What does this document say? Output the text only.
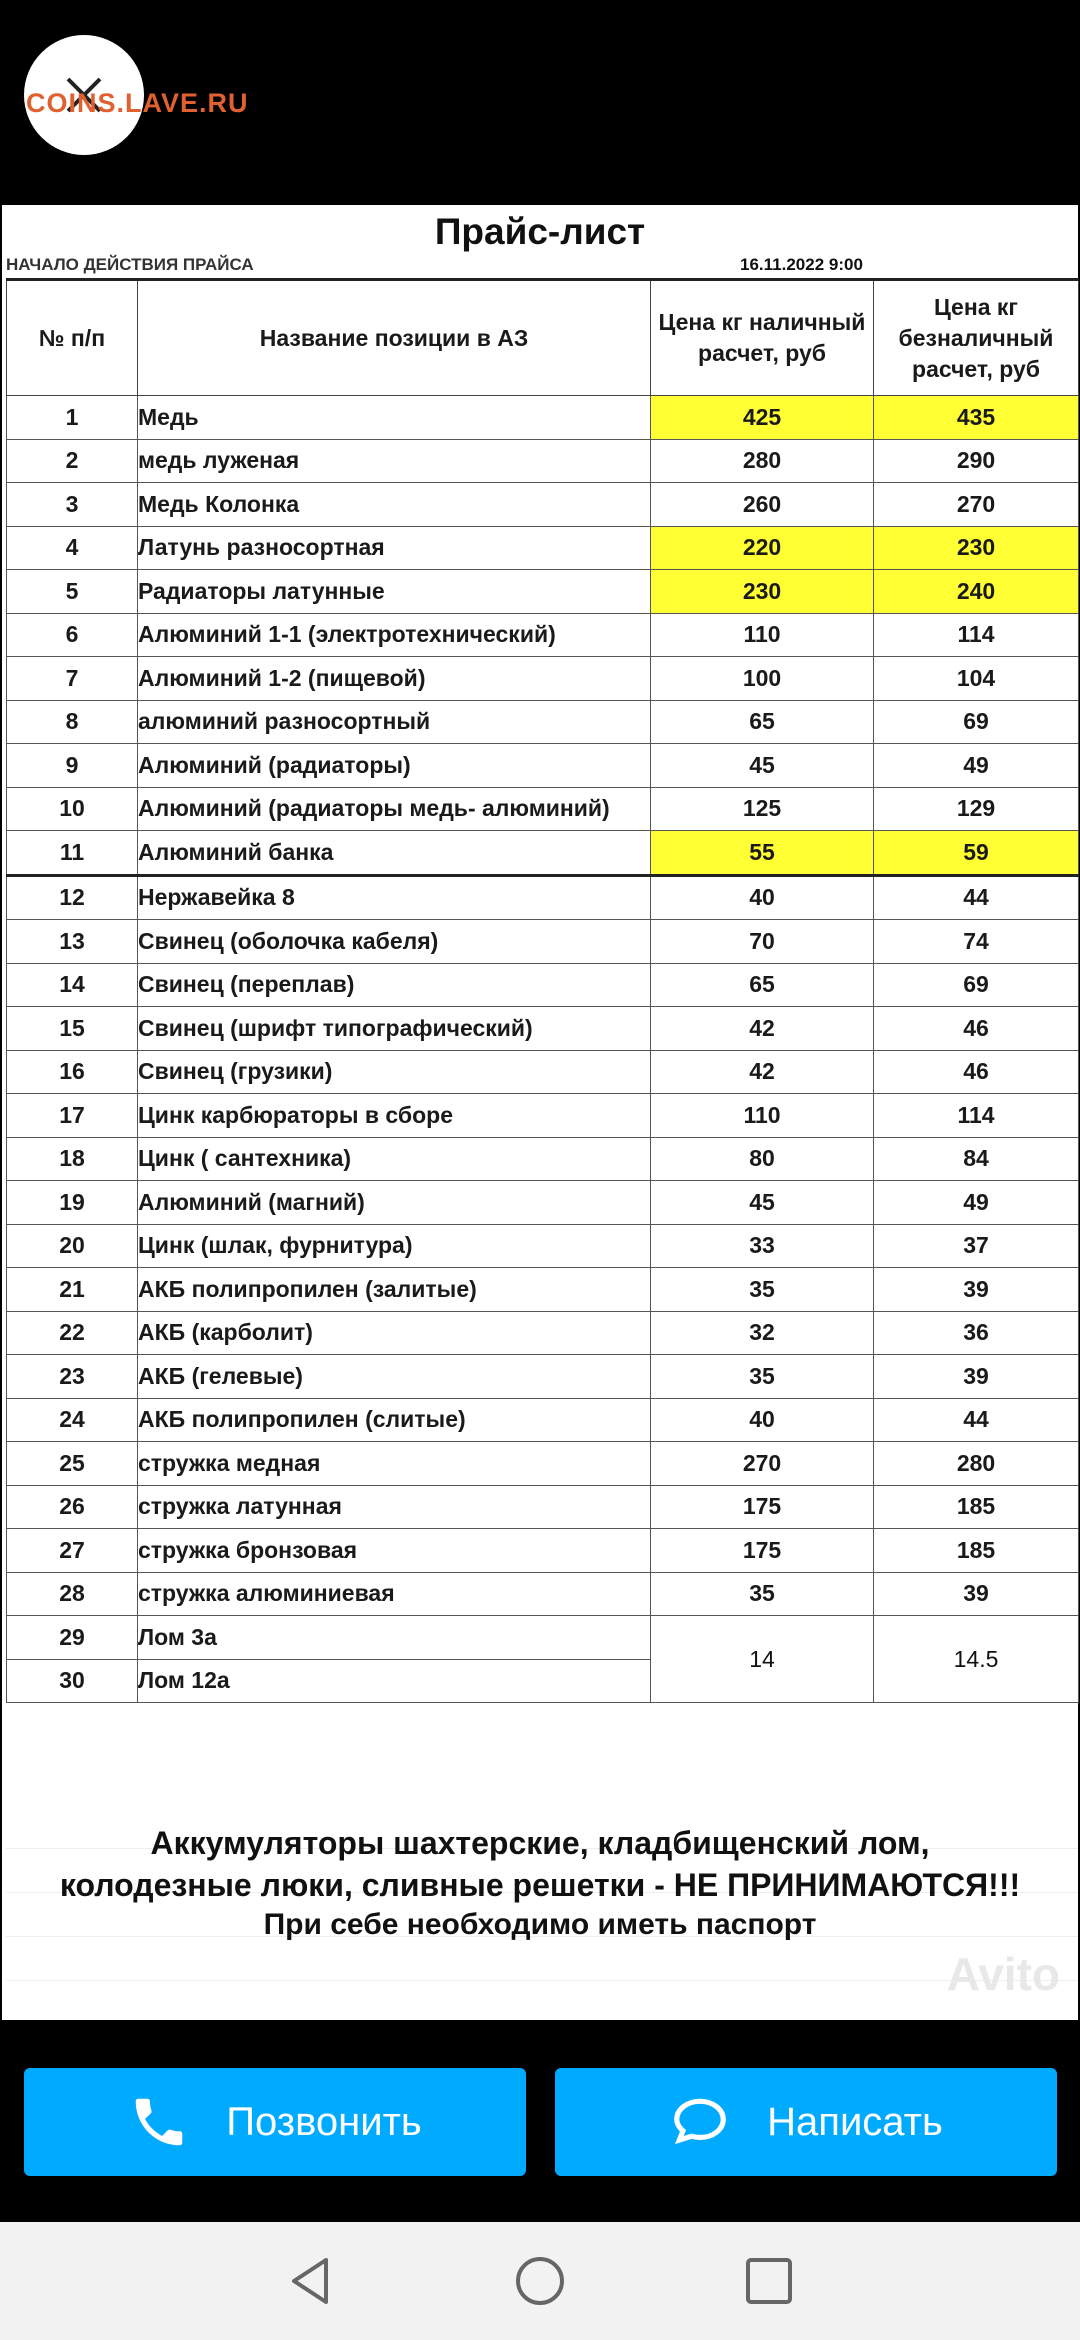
COINS.LAVE.RU
Прайс-лист
НАЧАЛО ДЕЙСТВИЯ ПРАЙСА	16.11.2022 9:00
№ п/п	Название позиции в АЗ	Цена кг наличный расчет, руб	Цена кг безналичный расчет, руб
1	Медь	425	435
2	медь луженая	280	290
3	Медь Колонка	260	270
4	Латунь разносортная	220	230
5	Радиаторы латунные	230	240
6	Алюминий 1-1 (электротехнический)	110	114
7	Алюминий 1-2 (пищевой)	100	104
8	алюминий разносортный	65	69
9	Алюминий (радиаторы)	45	49
10	Алюминий (радиаторы медь- алюминий)	125	129
11	Алюминий банка	55	59
12	Нержавейка 8	40	44
13	Свинец (оболочка кабеля)	70	74
14	Свинец (переплав)	65	69
15	Свинец (шрифт типографический)	42	46
16	Свинец (грузики)	42	46
17	Цинк карбюраторы в сборе	110	114
18	Цинк ( сантехника)	80	84
19	Алюминий (магний)	45	49
20	Цинк (шлак, фурнитура)	33	37
21	АКБ полипропилен (залитые)	35	39
22	АКБ (карболит)	32	36
23	АКБ (гелевые)	35	39
24	АКБ полипропилен (слитые)	40	44
25	стружка медная	270	280
26	стружка латунная	175	185
27	стружка бронзовая	175	185
28	стружка алюминиевая	35	39
29	Лом 3а	14	14.5
30	Лом 12а		
Аккумуляторы шахтерские, кладбищенский лом,
колодезные люки, сливные решетки - НЕ ПРИНИМАЮТСЯ!!!
При себе необходимо иметь паспорт
Avito
Позвонить	Написать
